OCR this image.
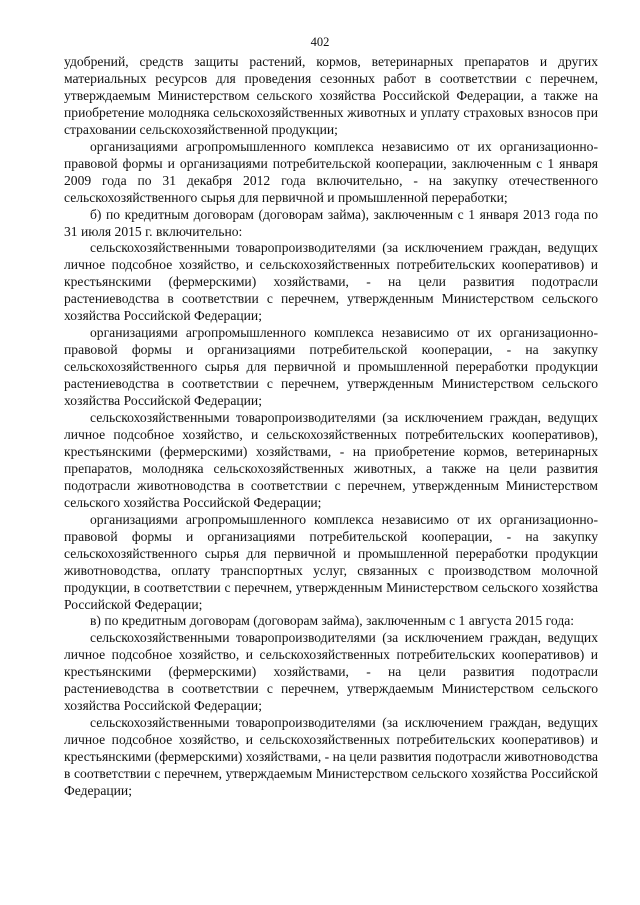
402

удобрений, средств защиты растений, кормов, ветеринарных препаратов и других материальных ресурсов для проведения сезонных работ в соответствии с перечнем, утверждаемым Министерством сельского хозяйства Российской Федерации, а также на приобретение молодняка сельскохозяйственных животных и уплату страховых взносов при страховании сельскохозяйственной продукции;

организациями агропромышленного комплекса независимо от их организационно-правовой формы и организациями потребительской кооперации, заключенным с 1 января 2009 года по 31 декабря 2012 года включительно, - на закупку отечественного сельскохозяйственного сырья для первичной и промышленной переработки;

б) по кредитным договорам (договорам займа), заключенным с 1 января 2013 года по 31 июля 2015 г. включительно:

сельскохозяйственными товаропроизводителями (за исключением граждан, ведущих личное подсобное хозяйство, и сельскохозяйственных потребительских кооперативов) и крестьянскими (фермерскими) хозяйствами, - на цели развития подотрасли растениеводства в соответствии с перечнем, утвержденным Министерством сельского хозяйства Российской Федерации;

организациями агропромышленного комплекса независимо от их организационно-правовой формы и организациями потребительской кооперации, - на закупку сельскохозяйственного сырья для первичной и промышленной переработки продукции растениеводства в соответствии с перечнем, утвержденным Министерством сельского хозяйства Российской Федерации;

сельскохозяйственными товаропроизводителями (за исключением граждан, ведущих личное подсобное хозяйство, и сельскохозяйственных потребительских кооперативов), крестьянскими (фермерскими) хозяйствами, - на приобретение кормов, ветеринарных препаратов, молодняка сельскохозяйственных животных, а также на цели развития подотрасли животноводства в соответствии с перечнем, утвержденным Министерством сельского хозяйства Российской Федерации;

организациями агропромышленного комплекса независимо от их организационно-правовой формы и организациями потребительской кооперации, - на закупку сельскохозяйственного сырья для первичной и промышленной переработки продукции животноводства, оплату транспортных услуг, связанных с производством молочной продукции, в соответствии с перечнем, утвержденным Министерством сельского хозяйства Российской Федерации;

в) по кредитным договорам (договорам займа), заключенным с 1 августа 2015 года:

сельскохозяйственными товаропроизводителями (за исключением граждан, ведущих личное подсобное хозяйство, и сельскохозяйственных потребительских кооперативов) и крестьянскими (фермерскими) хозяйствами, - на цели развития подотрасли растениеводства в соответствии с перечнем, утверждаемым Министерством сельского хозяйства Российской Федерации;

сельскохозяйственными товаропроизводителями (за исключением граждан, ведущих личное подсобное хозяйство, и сельскохозяйственных потребительских кооперативов) и крестьянскими (фермерскими) хозяйствами, - на цели развития подотрасли животноводства в соответствии с перечнем, утверждаемым Министерством сельского хозяйства Российской Федерации;
